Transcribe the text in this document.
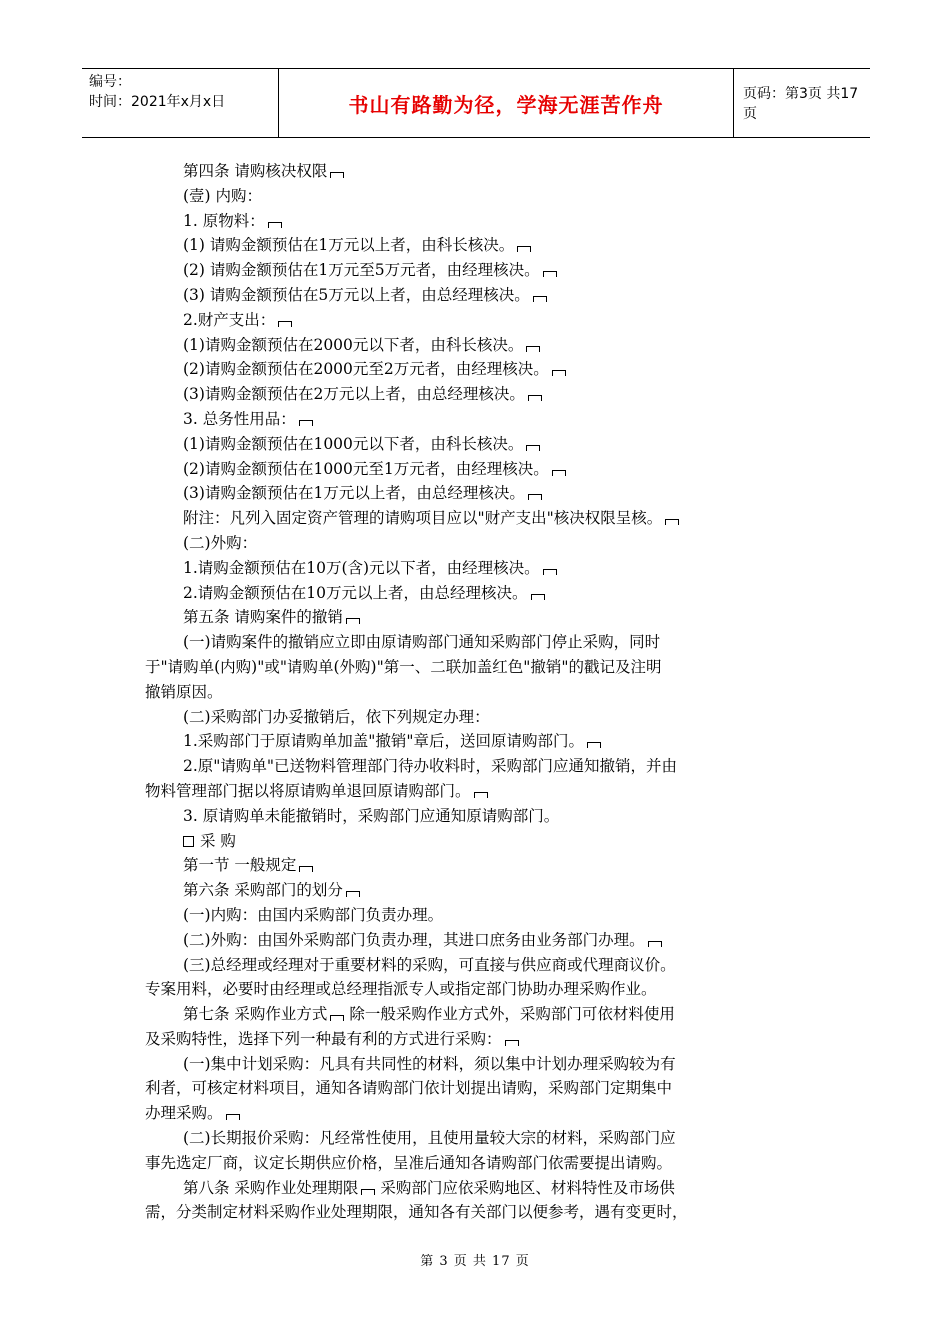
编号：
时间：2021年x月x日	书山有路勤为径，学海无涯苦作舟	页码：第3页 共17页
第四条 请购核决权限
(壹) 内购：
1. 原物料：
(1) 请购金额预估在1万元以上者，由科长核决。
(2) 请购金额预估在1万元至5万元者，由经理核决。
(3) 请购金额预估在5万元以上者，由总经理核决。
2.财产支出：
(1)请购金额预估在2000元以下者，由科长核决。
(2)请购金额预估在2000元至2万元者，由经理核决。
(3)请购金额预估在2万元以上者，由总经理核决。
3. 总务性用品：
(1)请购金额预估在1000元以下者，由科长核决。
(2)请购金额预估在1000元至1万元者，由经理核决。
(3)请购金额预估在1万元以上者，由总经理核决。
附注：凡列入固定资产管理的请购项目应以"财产支出"核决权限呈核。
(二)外购：
1.请购金额预估在10万(含)元以下者，由经理核决。
2.请购金额预估在10万元以上者，由总经理核决。
第五条 请购案件的撤销
(一)请购案件的撤销应立即由原请购部门通知采购部门停止采购，同时
于"请购单(内购)"或"请购单(外购)"第一、二联加盖红色"撤销"的戳记及注明
撤销原因。
(二)采购部门办妥撤销后，依下列规定办理：
1.采购部门于原请购单加盖"撤销"章后，送回原请购部门。
2.原"请购单"已送物料管理部门待办收料时，采购部门应通知撤销，并由
物料管理部门据以将原请购单退回原请购部门。
3. 原请购单未能撤销时，采购部门应通知原请购部门。
采 购
第一节 一般规定
第六条 采购部门的划分
(一)内购：由国内采购部门负责办理。
(二)外购：由国外采购部门负责办理，其进口庶务由业务部门办理。
(三)总经理或经理对于重要材料的采购，可直接与供应商或代理商议价。
专案用料，必要时由经理或总经理指派专人或指定部门协助办理采购作业。
第七条 采购作业方式 除一般采购作业方式外，采购部门可依材料使用
及采购特性，选择下列一种最有利的方式进行采购：
(一)集中计划采购：凡具有共同性的材料，须以集中计划办理采购较为有
利者，可核定材料项目，通知各请购部门依计划提出请购，采购部门定期集中
办理采购。
(二)长期报价采购：凡经常性使用，且使用量较大宗的材料，采购部门应
事先选定厂商，议定长期供应价格，呈准后通知各请购部门依需要提出请购。
第八条 采购作业处理期限 采购部门应依采购地区、材料特性及市场供
需，分类制定材料采购作业处理期限，通知各有关部门以便参考，遇有变更时，
第 3 页 共 17 页
